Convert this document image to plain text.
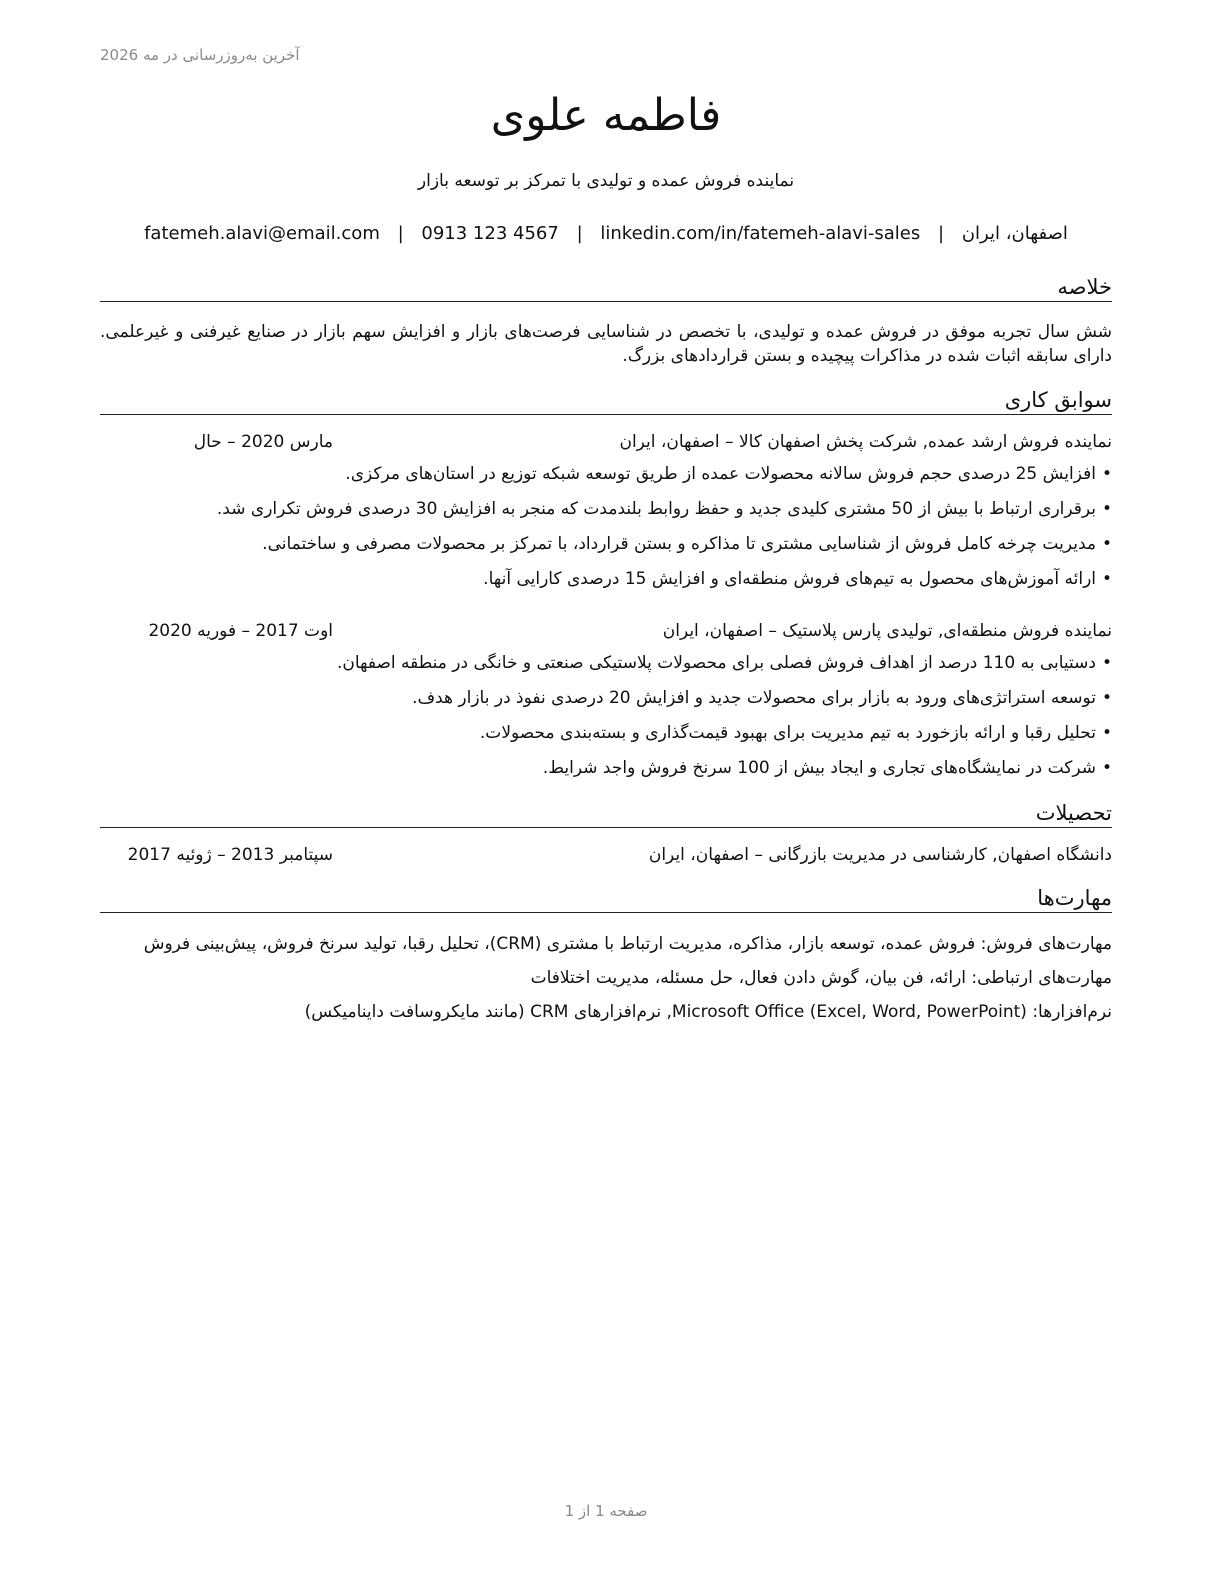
آخرین به‌روزرسانی در مه 2026
فاطمه علوی
نماینده فروش عمده و تولیدی با تمرکز بر توسعه بازار
اصفهان، ایران | fatemeh.alavi@email.com | 0913 123 4567 | linkedin.com/in/fatemeh-alavi-sales
خلاصه
شش سال تجربه موفق در فروش عمده و تولیدی، با تخصص در شناسایی فرصت‌های بازار و افزایش سهم بازار در صنایع غیرفنی و غیرعلمی. دارای سابقه اثبات شده در مذاکرات پیچیده و بستن قراردادهای بزرگ.
سوابق کاری
نماینده فروش ارشد عمده, شرکت پخش اصفهان کالا – اصفهان، ایران
مارس 2020 – حال
• افزایش 25 درصدی حجم فروش سالانه محصولات عمده از طریق توسعه شبکه توزیع در استان‌های مرکزی.
• برقراری ارتباط با بیش از 50 مشتری کلیدی جدید و حفظ روابط بلندمدت که منجر به افزایش 30 درصدی فروش تکراری شد.
• مدیریت چرخه کامل فروش از شناسایی مشتری تا مذاکره و بستن قرارداد، با تمرکز بر محصولات مصرفی و ساختمانی.
• ارائه آموزش‌های محصول به تیم‌های فروش منطقه‌ای و افزایش 15 درصدی کارایی آنها.
نماینده فروش منطقه‌ای, تولیدی پارس پلاستیک – اصفهان، ایران
اوت 2017 – فوریه 2020
• دستیابی به 110 درصد از اهداف فروش فصلی برای محصولات پلاستیکی صنعتی و خانگی در منطقه اصفهان.
• توسعه استراتژی‌های ورود به بازار برای محصولات جدید و افزایش 20 درصدی نفوذ در بازار هدف.
• تحلیل رقبا و ارائه بازخورد به تیم مدیریت برای بهبود قیمت‌گذاری و بسته‌بندی محصولات.
• شرکت در نمایشگاه‌های تجاری و ایجاد بیش از 100 سرنخ فروش واجد شرایط.
تحصیلات
دانشگاه اصفهان, کارشناسی در مدیریت بازرگانی – اصفهان، ایران
سپتامبر 2013 – ژوئیه 2017
مهارت‌ها
مهارت‌های فروش: فروش عمده، توسعه بازار، مذاکره، مدیریت ارتباط با مشتری (CRM)، تحلیل رقبا، تولید سرنخ فروش، پیش‌بینی فروش
مهارت‌های ارتباطی: ارائه، فن بیان، گوش دادن فعال، حل مسئله، مدیریت اختلافات
نرم‌افزارها: Microsoft Office (Excel, Word, PowerPoint), نرم‌افزارهای CRM (مانند مایکروسافت داینامیکس)
صفحه 1 از 1
